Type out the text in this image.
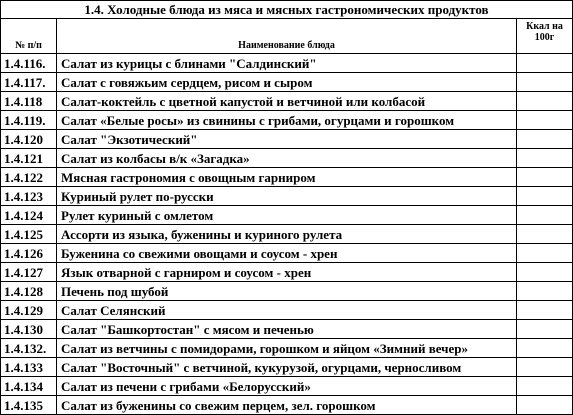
1.4. Холодные блюда из мяса и мясных гастрономических продуктов		
№ п/п	Наименование блюда	Ккал на 100г
1.4.116.	Салат из курицы с блинами "Салдинский"	
1.4.117.	Салат с говяжьим сердцем, рисом и сыром	
1.4.118	Салат-коктейль с цветной капустой и ветчиной или колбасой	
1.4.119.	Салат «Белые росы» из свинины с грибами, огурцами и горошком	
1.4.120	Салат "Экзотический"	
1.4.121	Салат из колбасы в/к «Загадка»	
1.4.122	Мясная гастрономия с овощным гарниром	
1.4.123	Куриный рулет по-русски	
1.4.124	Рулет куриный с омлетом	
1.4.125	Ассорти из языка, буженины и куриного рулета	
1.4.126	Буженина со свежими овощами и соусом - хрен	
1.4.127	Язык отварной с гарниром и соусом - хрен	
1.4.128	Печень под шубой	
1.4.129	Салат Селянский	
1.4.130	Салат "Башкортостан" с мясом и печенью	
1.4.132.	Салат из ветчины с помидорами, горошком и яйцом «Зимний вечер»	
1.4.133	Салат "Восточный" с ветчиной, кукурузой, огурцами, черносливом	
1.4.134	Салат из печени с грибами «Белорусский»	
1.4.135	Салат из буженины со свежим перцем, зел. горошком	
